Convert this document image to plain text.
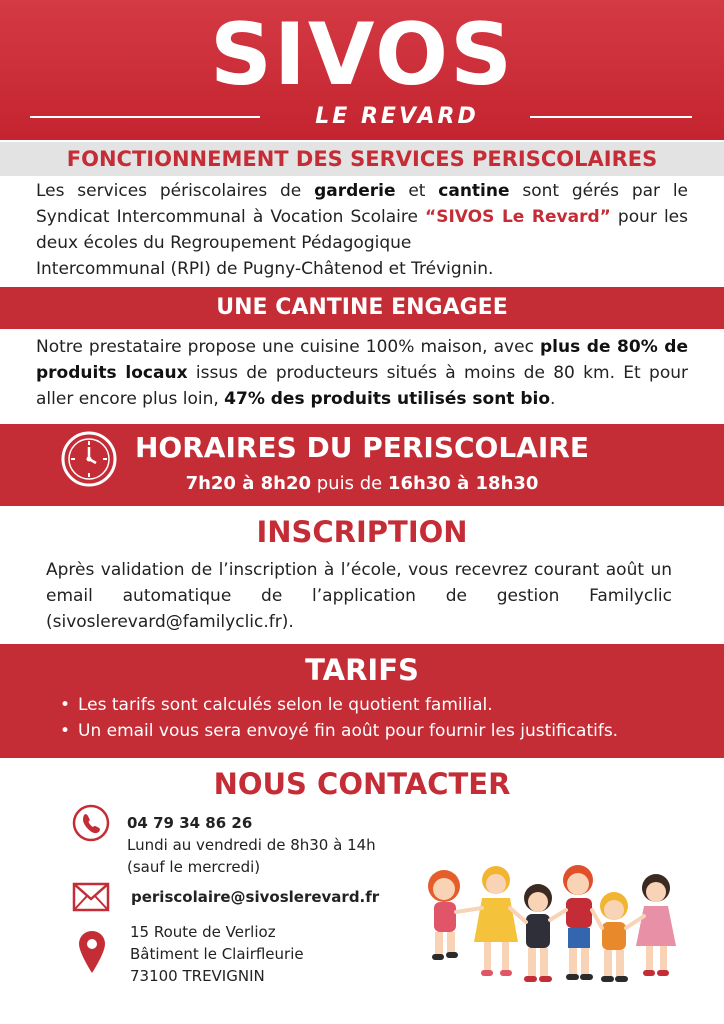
SIVOS
LE REVARD
FONCTIONNEMENT DES SERVICES PERISCOLAIRES
Les services périscolaires de garderie et cantine sont gérés par le Syndicat Intercommunal à Vocation Scolaire “SIVOS Le Revard” pour les deux écoles du Regroupement Pédagogique
Intercommunal (RPI) de Pugny-Châtenod et Trévignin.
UNE CANTINE ENGAGEE
Notre prestataire propose une cuisine 100% maison, avec plus de 80% de produits locaux issus de producteurs situés à moins de 80 km. Et pour aller encore plus loin, 47% des produits utilisés sont bio.
HORAIRES DU PERISCOLAIRE
7h20 à 8h20 puis de 16h30 à 18h30
INSCRIPTION
Après validation de l’inscription à l’école, vous recevrez courant août un email automatique de l’application de gestion Familyclic (sivoslerevard@familyclic.fr).
TARIFS
• Les tarifs sont calculés selon le quotient familial.
• Un email vous sera envoyé fin août pour fournir les justificatifs.
NOUS CONTACTER
04 79 34 86 26
Lundi au vendredi de 8h30 à 14h
(sauf le mercredi)
periscolaire@sivoslerevard.fr
15 Route de Verlioz
Bâtiment le Clairfleurie
73100 TREVIGNIN
